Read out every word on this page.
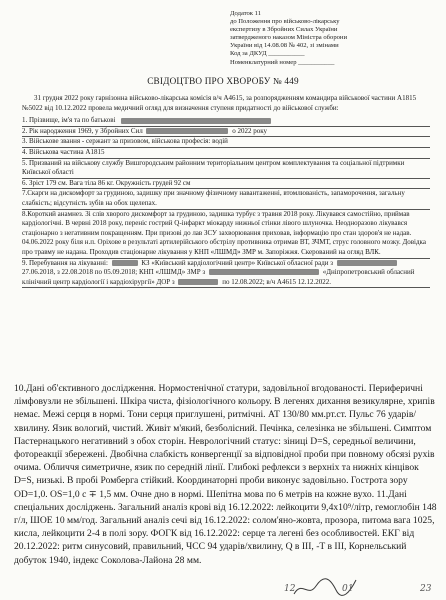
Додаток 11
до Положення про військово-лікарську
експертизу в Збройних Силах України
затвердженого наказом Міністра оборони
України від 14.08.08 № 402, зі змінами
Код за ДКУД ___________
Номенклатурний номер ___________
СВІДОЦТВО ПРО ХВОРОБУ № 449

31 грудня 2022 року гарнізонна військово-лікарська комісія в/ч А4615, за розпорядженням командира військової частини А1815 №5022 від 10.12.2022 провела медичний огляд для визначення ступеня придатності до військової служби:

1. Прізвище, ім'я та по батькові

2. Рік народження 1969, у Збройних Сил	о 2022 року

3. Військове звання - сержант за призовом, військова професія: водій

4. Військова частина А1815

5. Призваний на військову службу Вишгородським районним територіальним центром комплектування та соціальної підтримки Київської області

6. Зріст 179 см. Вага тіла 86 кг. Окружність грудей 92 см

7.Скарги на дискомфорт за грудиною, задишку при значному фізичному навантаженні, втомлюваність, запаморочення, загальну слабкість; відсутність зубів на обох щелепах.

8.Короткий анамнез. Зі слів хворого дискомфорт за грудиною, задишка турбує з травня 2018 року. Лікувався самостійно, приймав кардіологічні. В червні 2018 року, переніс гострий Q-інфаркт міокарду нижньої стінки лівого шлуночка. Неодноразово лікувався стаціонарно з негативним покращенням. При призові до лав ЗСУ захворювання приховав, інформацію про стан здоров'я не надав. 04.06.2022 року біля н.п. Оріхове в результаті артилерійського обстрілу противника отримав ВТ, ЗЧМТ, струс головного мозку. Довідка про травму не надана. Проходив стаціонарне лікування у КНП «ЛШМД» ЗМР м. Запоріжжя. Скерований на огляд ВЛК.

9. Перебування на лікуванні:	КЗ «Київський кардіологічний центр» Київської обласної ради з  27.06.2018, з 22.08.2018 по 05.09.2018; КНП «ЛШМД» ЗМР з	«Дніпропетровський обласний клінічний центр кардіології і кардіохірургії» ДОР з	по 12.08.2022; в/ч А4615 12.12.2022.

10.Дані об'єктивного дослідження. Нормостенічної статури, задовільної вгодованості. Периферичні лімфовузли не збільшені. Шкіра чиста, фізіологічного кольору. В легенях дихання везикулярне, хрипів немає. Межі серця в нормі. Тони серця приглушені, ритмічні. АТ 130/80 мм.рт.ст. Пульс 76 ударів/хвилину. Язик вологий, чистий. Живіт м'який, безболісний. Печінка, селезінка не збільшені. Симптом Пастернацького негативний з обох сторін. Неврологічний статус: зіниці D=S, середньої величини, фотореакції збережені. Двобічна слабкість конвергенції за відповідної проби при повному обсязі рухів очима. Обличчя симетричне, язик по середній лінії. Глибокі рефлекси з верхніх та нижніх кінцівок D=S, низькі. В пробі Ромберга стійкий. Координаторні проби виконує задовільно. Гострота зору OD=1,0. OS=1,0 с ∓ 1,5 мм. Очне дно в нормі. Шепітна мова по 6 метрів на кожне вухо. 11.Дані спеціальних досліджень. Загальний аналіз крові від 16.12.2022: лейкоцити 9,4x10⁹/літр, гемоглобін 148 г/л, ШОЕ 10 мм/год. Загальний аналіз сечі від 16.12.2022: солом'яно-жовта, прозора, питома вага 1025, кисла, лейкоцити 2-4 в полі зору. ФОГК від 16.12.2022: серце та легені без особливостей. ЕКГ від 20.12.2022: ритм синусовий, правильний, ЧСС 94 ударів/хвилину, Q в III, -T в III, Корнельський добуток 1940, індекс Соколова-Лайона 28 мм.

12	01	23
